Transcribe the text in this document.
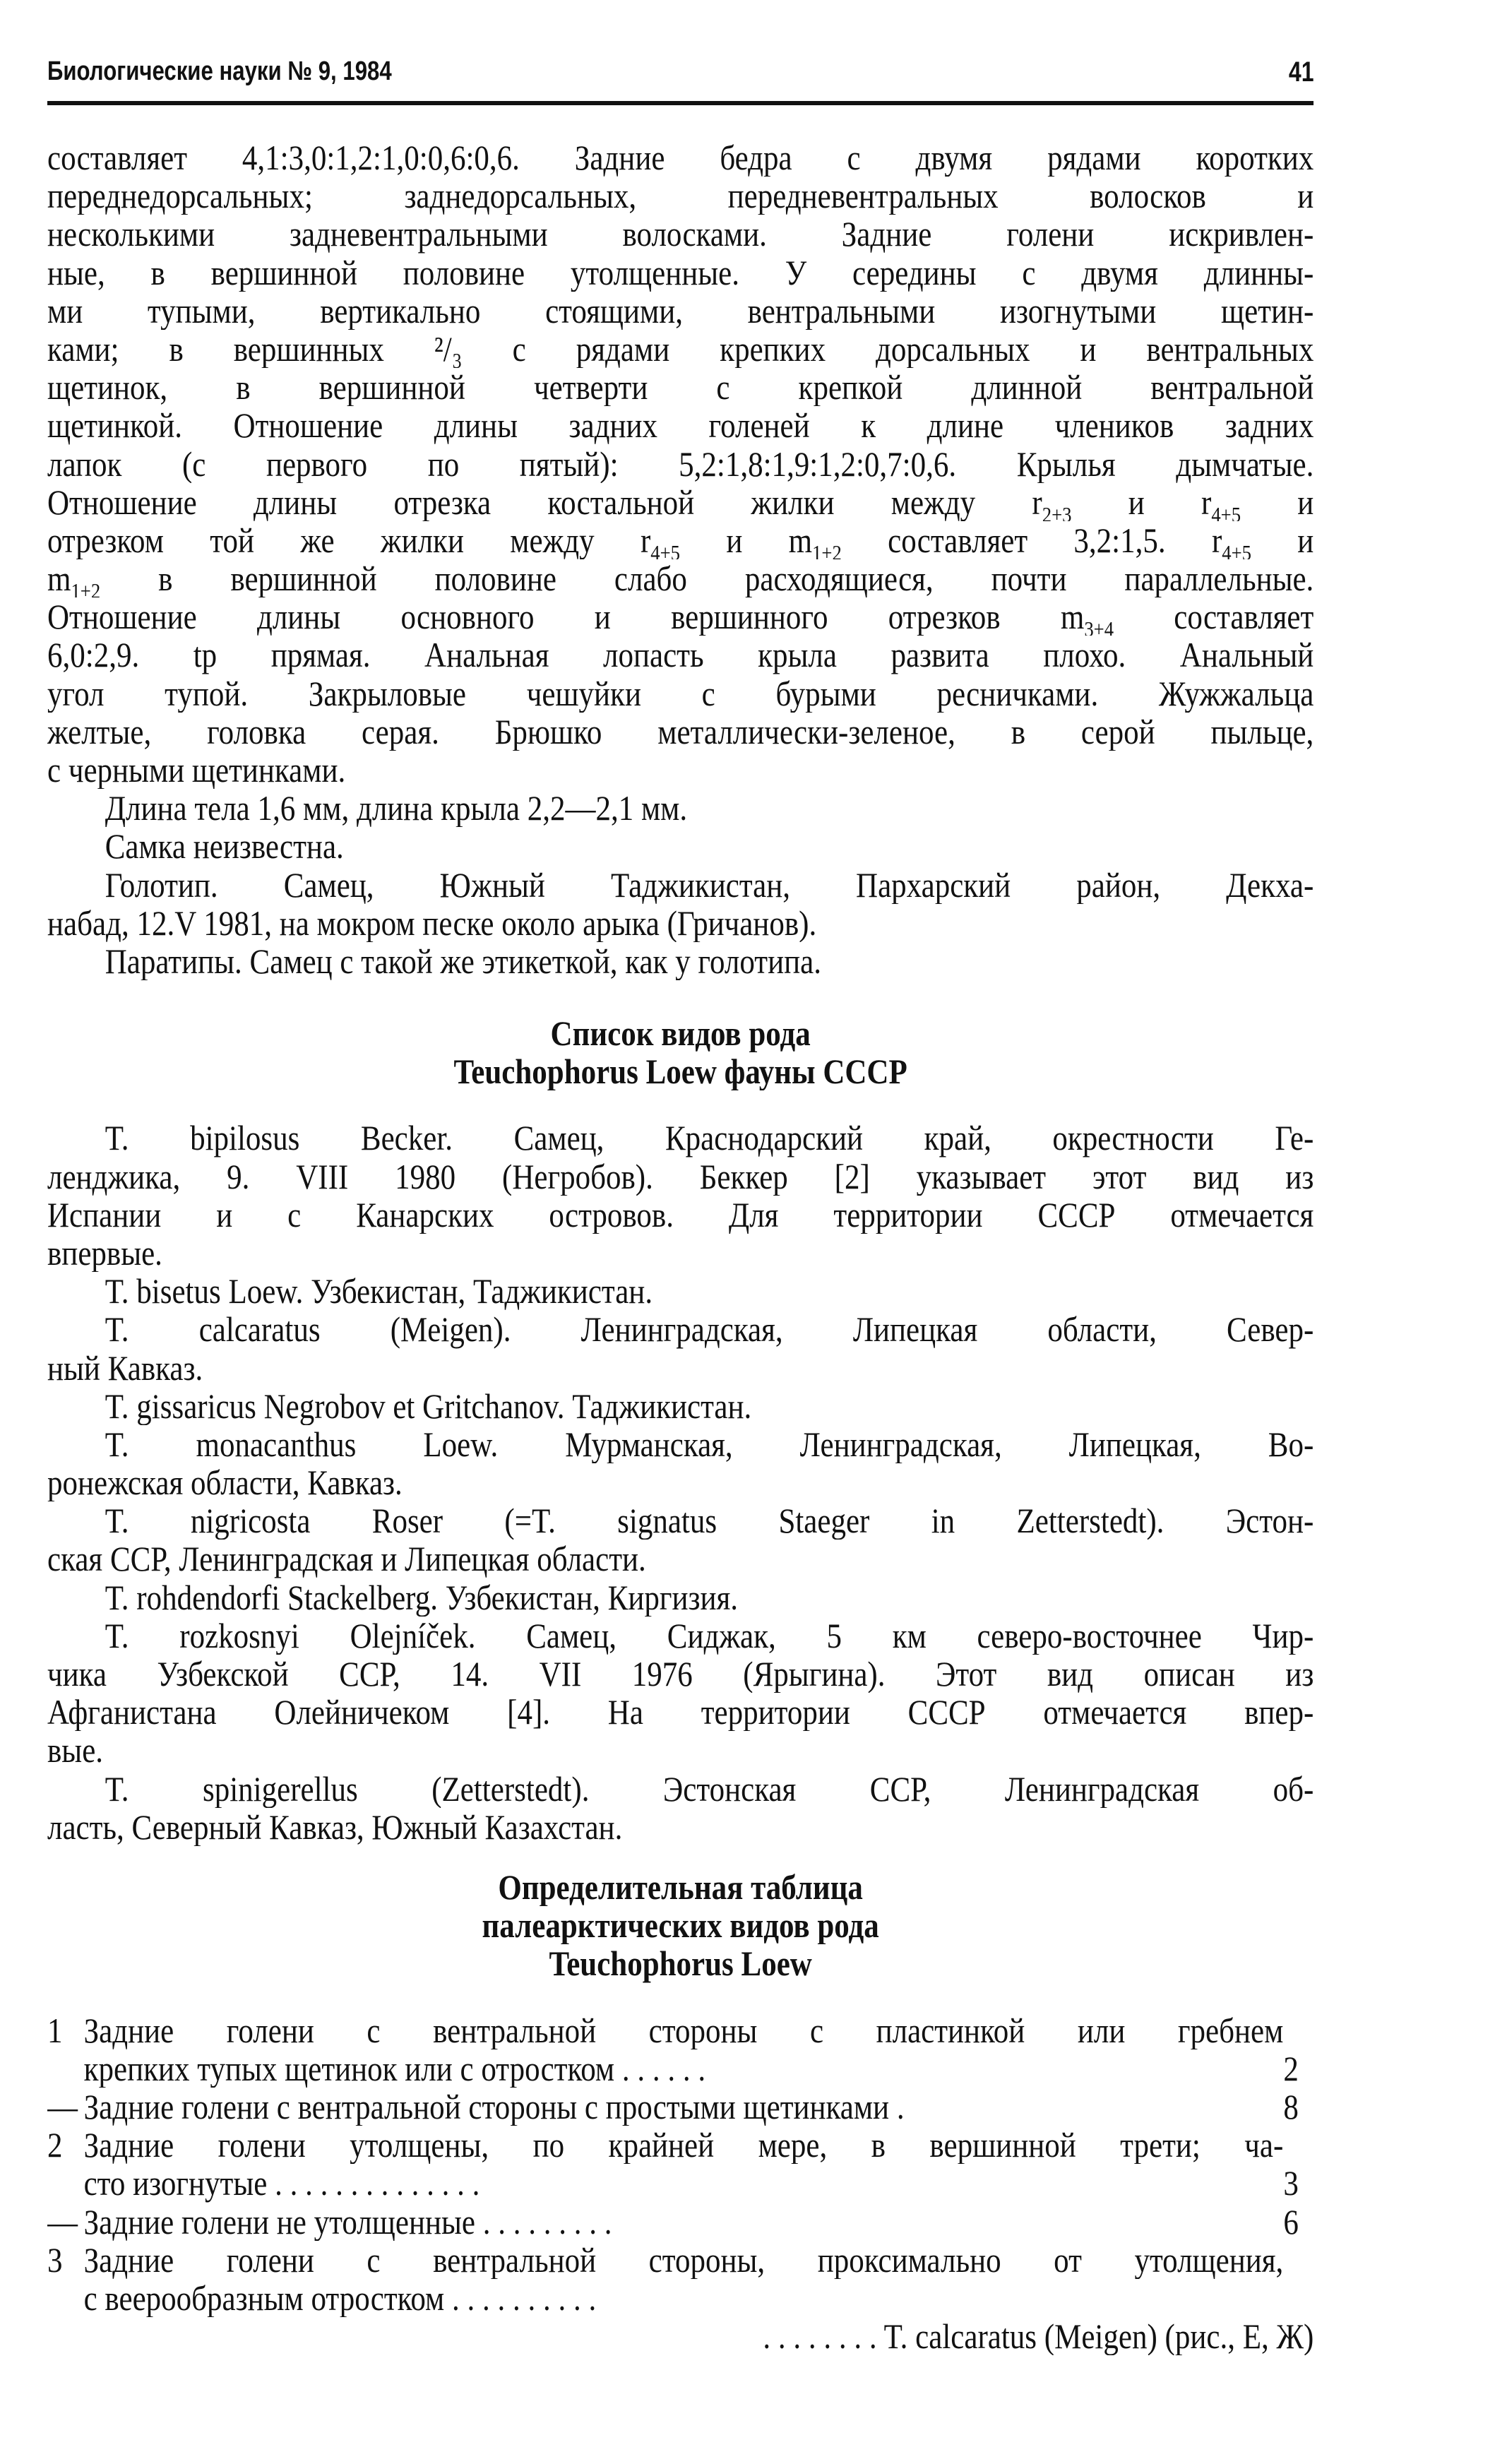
Биологические науки № 9, 1984	41
составляет 4,1:3,0:1,2:1,0:0,6:0,6. Задние бедра с двумя рядами коротких
переднедорсальных; заднедорсальных, передневентральных волосков и
несколькими задневентральными волосками. Задние голени искривлен-
ные, в вершинной половине утолщенные. У середины с двумя длинны-
ми тупыми, вертикально стоящими, вентральными изогнутыми щетин-
ками; в вершинных ²/₃ с рядами крепких дорсальных и вентральных
щетинок, в вершинной четверти с крепкой длинной вентральной
щетинкой. Отношение длины задних голеней к длине члеников задних
лапок (с первого по пятый): 5,2:1,8:1,9:1,2:0,7:0,6. Крылья дымчатые.
Отношение длины отрезка костальной жилки между $r_{2+3}$ и $r_{4+5}$ и
отрезком той же жилки между $r_{4+5}$ и $m_{1+2}$ составляет 3,2:1,5. $r_{4+5}$ и
$m_{1+2}$ в вершинной половине слабо расходящиеся, почти параллельные.
Отношение длины основного и вершинного отрезков $m_{3+4}$ составляет
6,0:2,9. tp прямая. Анальная лопасть крыла развита плохо. Анальный
угол тупой. Закрыловые чешуйки с бурыми ресничками. Жужжальца
желтые, головка серая. Брюшко металлически-зеленое, в серой пыльце,
с черными щетинками.
Длина тела 1,6 мм, длина крыла 2,2—2,1 мм.
Самка неизвестна.
Голотип. Самец, Южный Таджикистан, Пархарский район, Декха-
набад, 12.V 1981, на мокром песке около арыка (Гричанов).
Паратипы. Самец с такой же этикеткой, как у голотипа.
Список видов рода
Teuchophorus Loew фауны СССР
T. bipilosus Becker. Самец, Краснодарский край, окрестности Ге-
ленджика, 9. VIII 1980 (Негробов). Беккер [2] указывает этот вид из
Испании и с Канарских островов. Для территории СССР отмечается
впервые.
T. bisetus Loew. Узбекистан, Таджикистан.
T. calcaratus (Meigen). Ленинградская, Липецкая области, Север-
ный Кавказ.
T. gissaricus Negrobov et Gritchanov. Таджикистан.
T. monacanthus Loew. Мурманская, Ленинградская, Липецкая, Во-
ронежская области, Кавказ.
T. nigricosta Roser (=T. signatus Staeger in Zetterstedt). Эстон-
ская ССР, Ленинградская и Липецкая области.
T. rohdendorfi Stackelberg. Узбекистан, Киргизия.
T. rozkosnyi Olejníček. Самец, Сиджак, 5 км северо-восточнее Чир-
чика Узбекской ССР, 14. VII 1976 (Ярыгина). Этот вид описан из
Афганистана Олейничеком [4]. На территории СССР отмечается впер-
вые.
T. spinigerellus (Zetterstedt). Эстонская ССР, Ленинградская об-
ласть, Северный Кавказ, Южный Казахстан.
Определительная таблица
палеарктических видов рода
Teuchophorus Loew
1 Задние голени с вентральной стороны с пластинкой или гребнем
крепких тупых щетинок или с отростком . . . . . .	2
— Задние голени с вентральной стороны с простыми щетинками .	8
2 Задние голени утолщены, по крайней мере, в вершинной трети; ча-
сто изогнутые . . . . . . . . . . . . . .	3
— Задние голени не утолщенные . . . . . . . . .	6
3 Задние голени с вентральной стороны, проксимально от утолщения,
с веерообразным отростком . . . . . . . . . .
. . . . . . . . T. calcaratus (Meigen) (рис., Е, Ж)
